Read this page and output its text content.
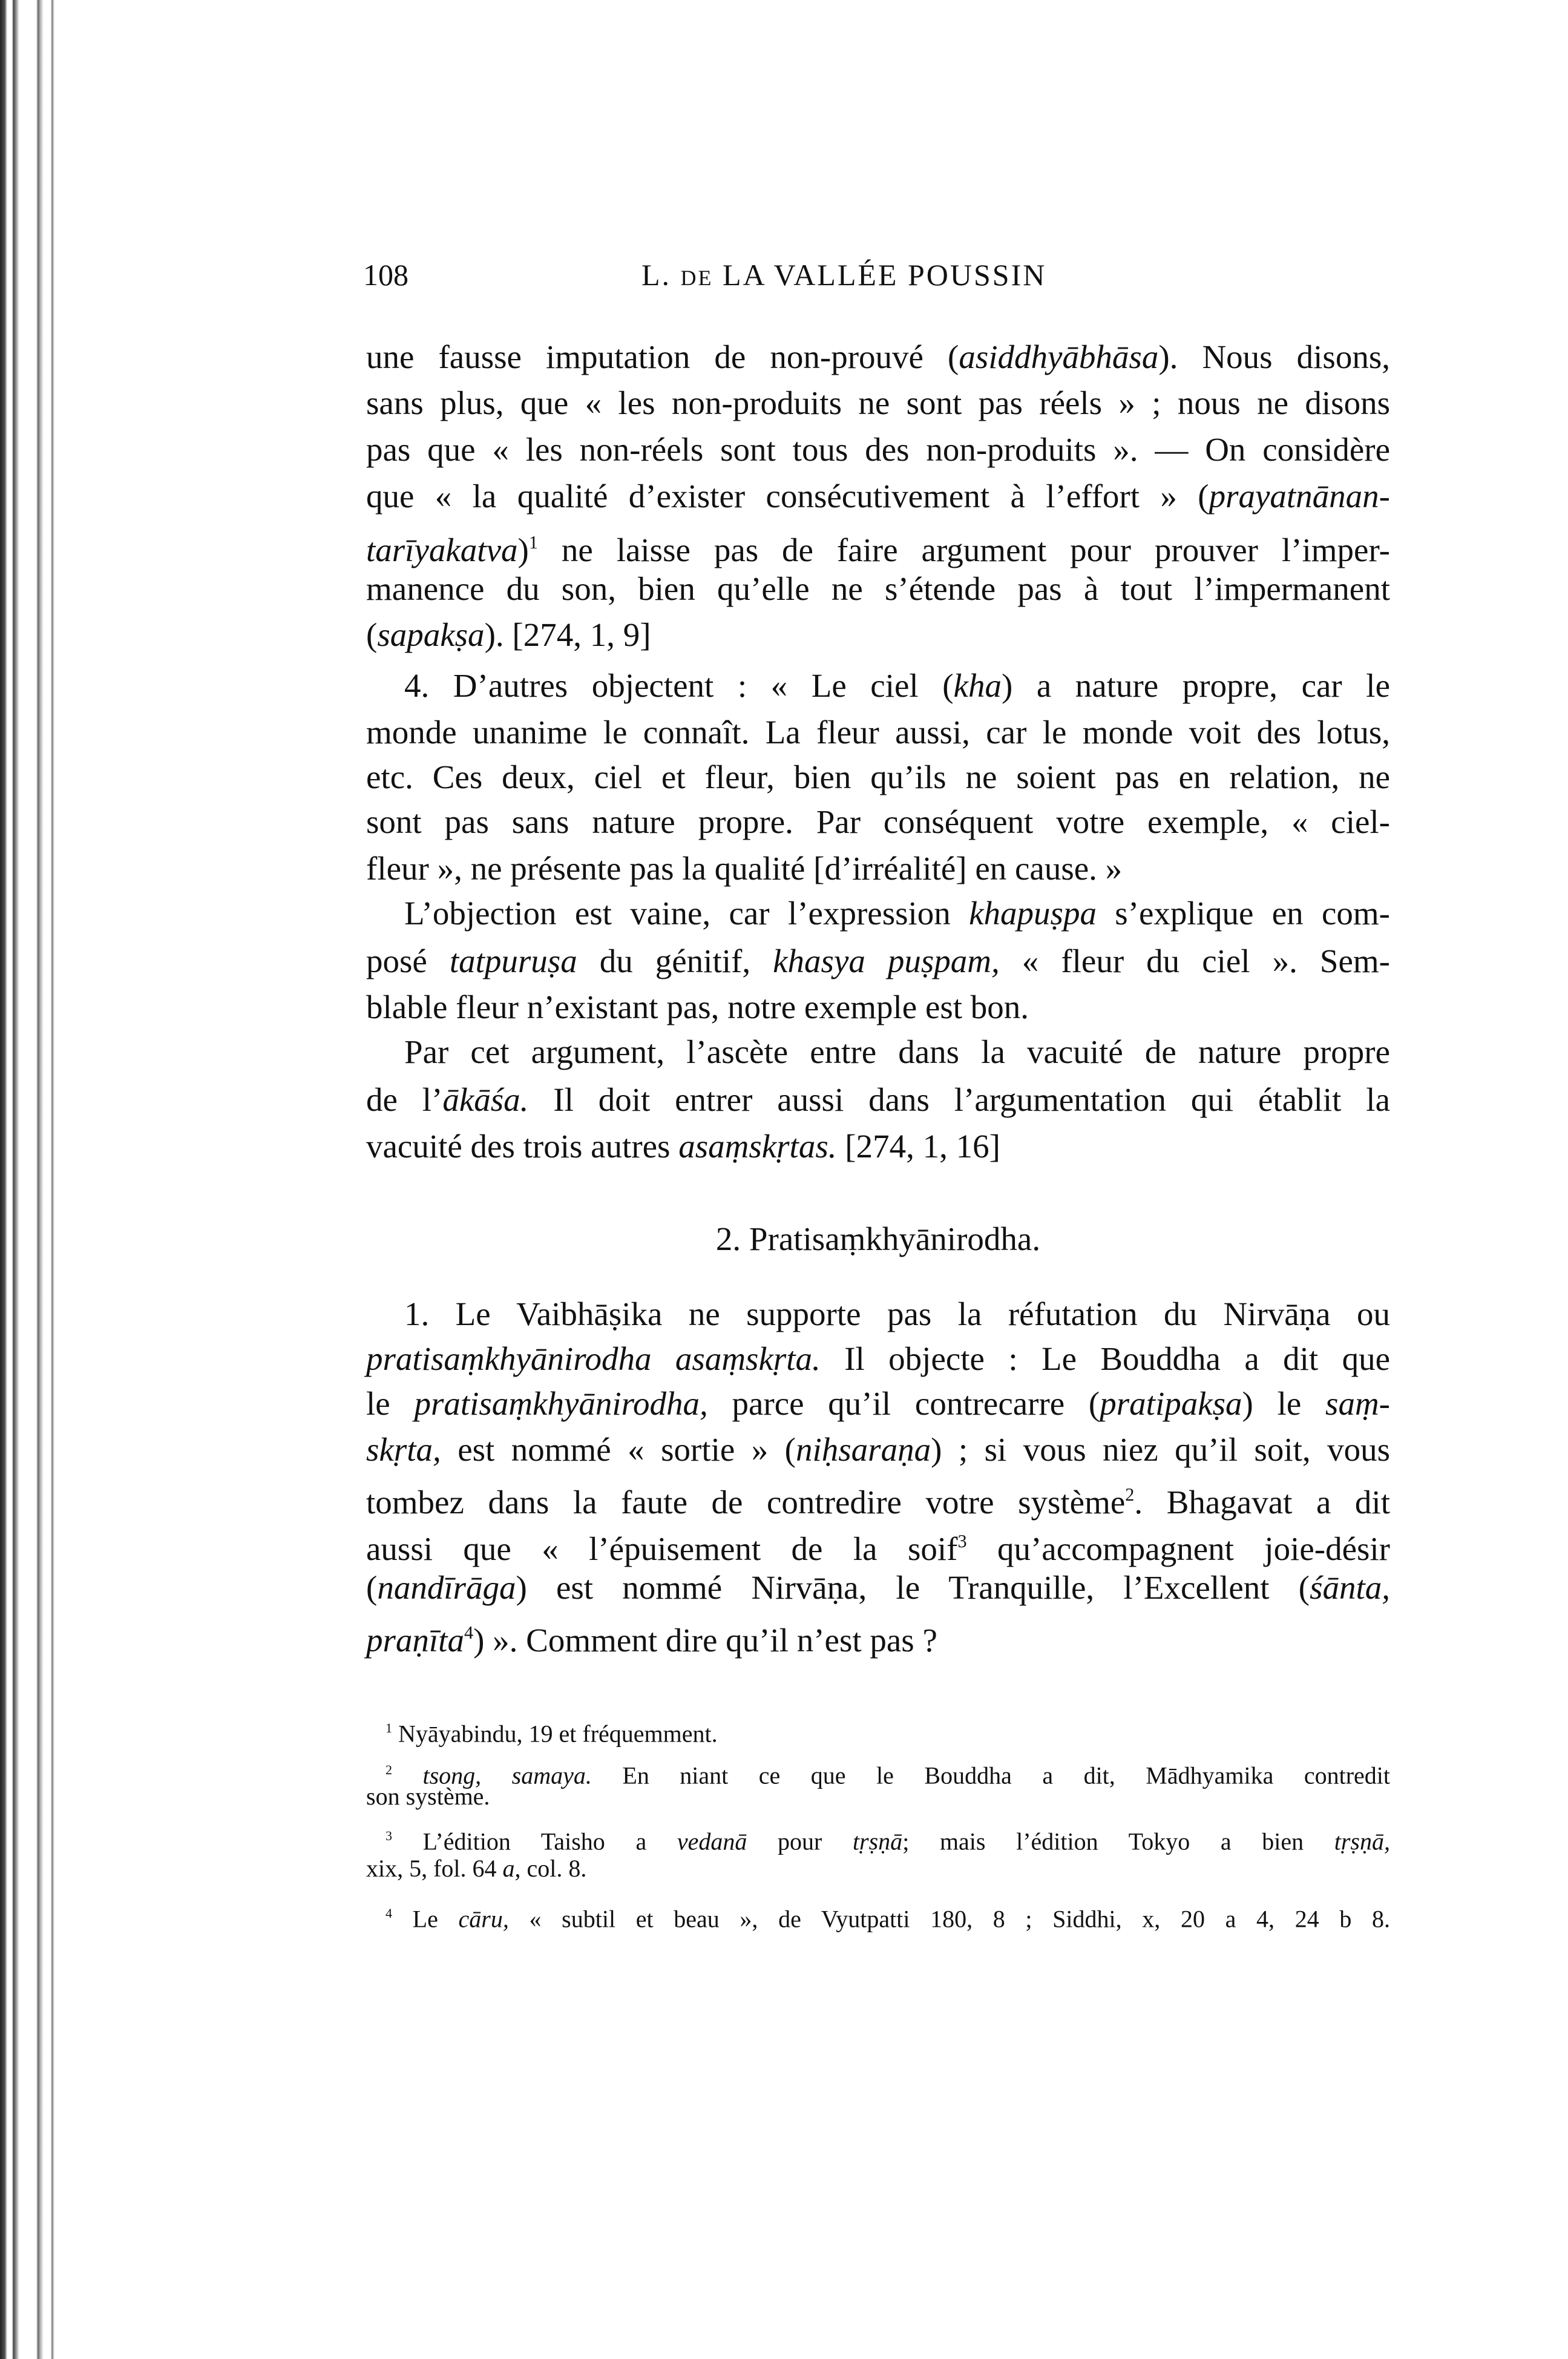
108	L. DE LA VALLÉE POUSSIN
une fausse imputation de non-prouvé (asiddhyābhāsa). Nous disons,
sans plus, que « les non-produits ne sont pas réels » ; nous ne disons
pas que « les non-réels sont tous des non-produits ». — On considère
que « la qualité d’exister consécutivement à l’effort » (prayatnānan-
tarīyakatva)$^1$ ne laisse pas de faire argument pour prouver l’imper-
manence du son, bien qu’elle ne s’étende pas à tout l’impermanent
(sapakṣa). [274, 1, 9]
4. D’autres objectent : « Le ciel (kha) a nature propre, car le
monde unanime le connaît. La fleur aussi, car le monde voit des lotus,
etc. Ces deux, ciel et fleur, bien qu’ils ne soient pas en relation, ne
sont pas sans nature propre. Par conséquent votre exemple, « ciel-
fleur », ne présente pas la qualité [d’irréalité] en cause. »
L’objection est vaine, car l’expression khapuṣpa s’explique en com-
posé tatpuruṣa du génitif, khasya puṣpam, « fleur du ciel ». Sem-
blable fleur n’existant pas, notre exemple est bon.
Par cet argument, l’ascète entre dans la vacuité de nature propre
de l’ākāśa. Il doit entrer aussi dans l’argumentation qui établit la
vacuité des trois autres asaṃskṛtas. [274, 1, 16]
2. Pratisaṃkhyānirodha.
1. Le Vaibhāṣika ne supporte pas la réfutation du Nirvāṇa ou
pratisaṃkhyānirodha asaṃskṛta. Il objecte : Le Bouddha a dit que
le pratisaṃkhyānirodha, parce qu’il contrecarre (pratipakṣa) le saṃ-
skṛta, est nommé « sortie » (niḥsaraṇa) ; si vous niez qu’il soit, vous
tombez dans la faute de contredire votre système$^2$. Bhagavat a dit
aussi que « l’épuisement de la soif$^3$ qu’accompagnent joie-désir
(nandīrāga) est nommé Nirvāṇa, le Tranquille, l’Excellent (śānta,
praṇīta$^4$) ». Comment dire qu’il n’est pas ?
$^1$ Nyāyabindu, 19 et fréquemment.
$^2$ tsong, samaya. En niant ce que le Bouddha a dit, Mādhyamika contredit
son système.
$^3$ L’édition Taisho a vedanā pour tṛṣṇā; mais l’édition Tokyo a bien tṛṣṇā,
xix, 5, fol. 64 a, col. 8.
$^4$ Le cāru, « subtil et beau », de Vyutpatti 180, 8 ; Siddhi, x, 20 a 4, 24 b 8.
